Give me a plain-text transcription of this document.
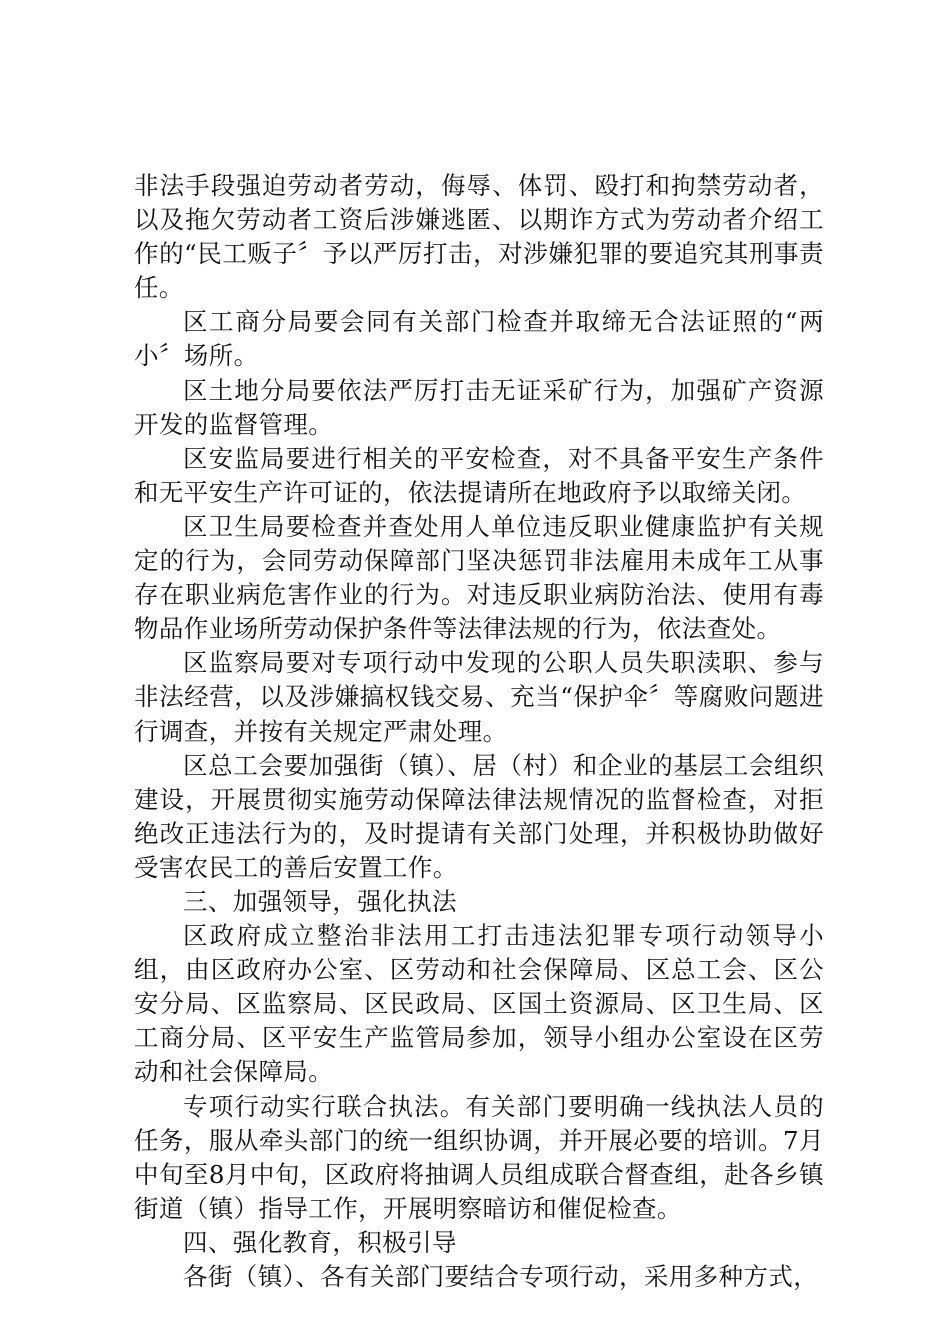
非法手段强迫劳动者劳动，侮辱、体罚、殴打和拘禁劳动者，以及拖欠劳动者工资后涉嫌逃匿、以期诈方式为劳动者介绍工作的“民工贩子〞予以严厉打击，对涉嫌犯罪的要追究其刑事责任。

区工商分局要会同有关部门检查并取缔无合法证照的“两小〞场所。

区土地分局要依法严厉打击无证采矿行为，加强矿产资源开发的监督管理。

区安监局要进行相关的平安检查，对不具备平安生产条件和无平安生产许可证的，依法提请所在地政府予以取缔关闭。

区卫生局要检查并查处用人单位违反职业健康监护有关规定的行为，会同劳动保障部门坚决惩罚非法雇用未成年工从事存在职业病危害作业的行为。对违反职业病防治法、使用有毒物品作业场所劳动保护条件等法律法规的行为，依法查处。

区监察局要对专项行动中发现的公职人员失职渎职、参与非法经营，以及涉嫌搞权钱交易、充当“保护伞〞等腐败问题进行调查，并按有关规定严肃处理。

区总工会要加强街（镇）、居（村）和企业的基层工会组织建设，开展贯彻实施劳动保障法律法规情况的监督检查，对拒绝改正违法行为的，及时提请有关部门处理，并积极协助做好受害农民工的善后安置工作。

三、加强领导，强化执法

区政府成立整治非法用工打击违法犯罪专项行动领导小组，由区政府办公室、区劳动和社会保障局、区总工会、区公安分局、区监察局、区民政局、区国土资源局、区卫生局、区工商分局、区平安生产监管局参加，领导小组办公室设在区劳动和社会保障局。

专项行动实行联合执法。有关部门要明确一线执法人员的任务，服从牵头部门的统一组织协调，并开展必要的培训。7月中旬至8月中旬，区政府将抽调人员组成联合督查组，赴各乡镇街道（镇）指导工作，开展明察暗访和催促检查。

四、强化教育，积极引导

各街（镇）、各有关部门要结合专项行动，采用多种方式，
